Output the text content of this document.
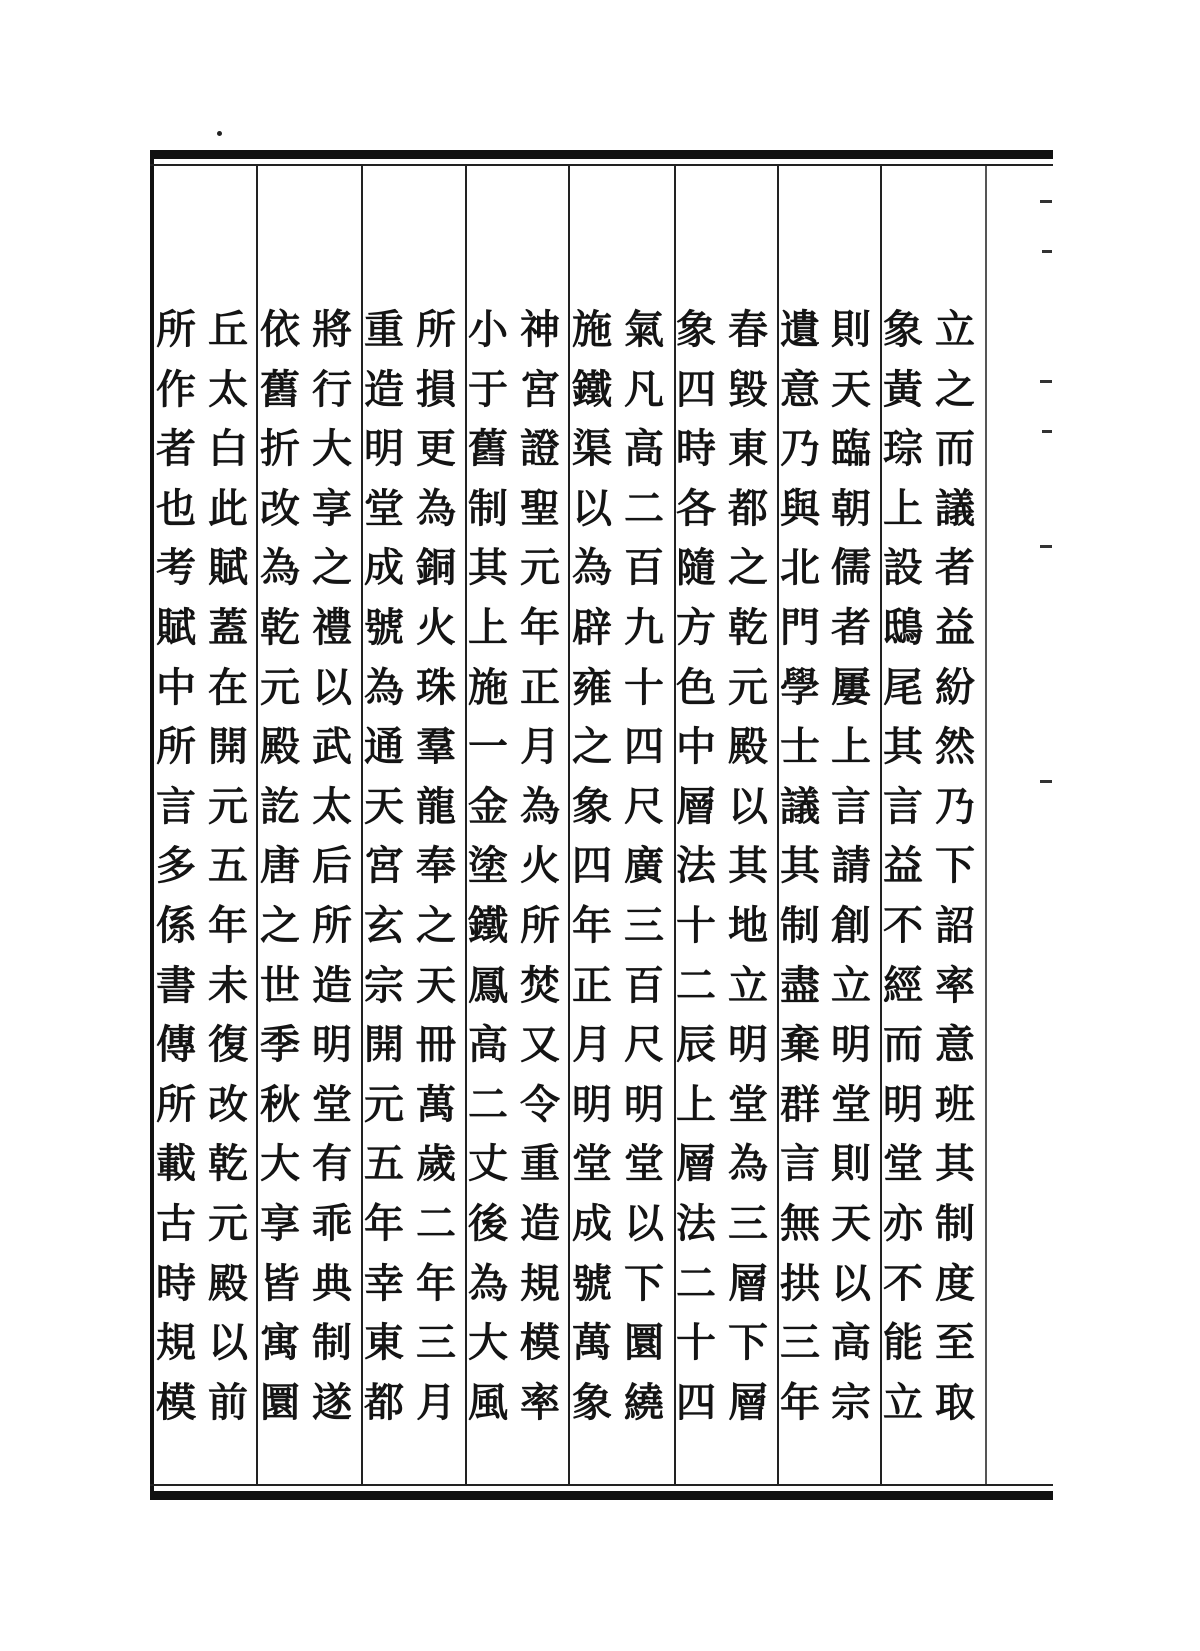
立
之
而
議
者
益
紛
然
乃
下
詔
率
意
班
其
制
度
至
取
象
黃
琮
上
設
鴟
尾
其
言
益
不
經
而
明
堂
亦
不
能
立
則
天
臨
朝
儒
者
屢
上
言
請
創
立
明
堂
則
天
以
高
宗
遺
意
乃
與
北
門
學
士
議
其
制
盡
棄
群
言
無
拱
三
年
春
毀
東
都
之
乾
元
殿
以
其
地
立
明
堂
為
三
層
下
層
象
四
時
各
隨
方
色
中
層
法
十
二
辰
上
層
法
二
十
四
氣
凡
高
二
百
九
十
四
尺
廣
三
百
尺
明
堂
以
下
圜
繞
施
鐵
渠
以
為
辟
雍
之
象
四
年
正
月
明
堂
成
號
萬
象
神
宮
證
聖
元
年
正
月
為
火
所
焚
又
令
重
造
規
模
率
小
于
舊
制
其
上
施
一
金
塗
鐵
鳳
高
二
丈
後
為
大
風
所
損
更
為
銅
火
珠
羣
龍
奉
之
天
冊
萬
歲
二
年
三
月
重
造
明
堂
成
號
為
通
天
宮
玄
宗
開
元
五
年
幸
東
都
將
行
大
享
之
禮
以
武
太
后
所
造
明
堂
有
乖
典
制
遂
依
舊
折
改
為
乾
元
殿
訖
唐
之
世
季
秋
大
享
皆
寓
圜
丘
太
白
此
賦
蓋
在
開
元
五
年
未
復
改
乾
元
殿
以
前
所
作
者
也
考
賦
中
所
言
多
係
書
傳
所
載
古
時
規
模
